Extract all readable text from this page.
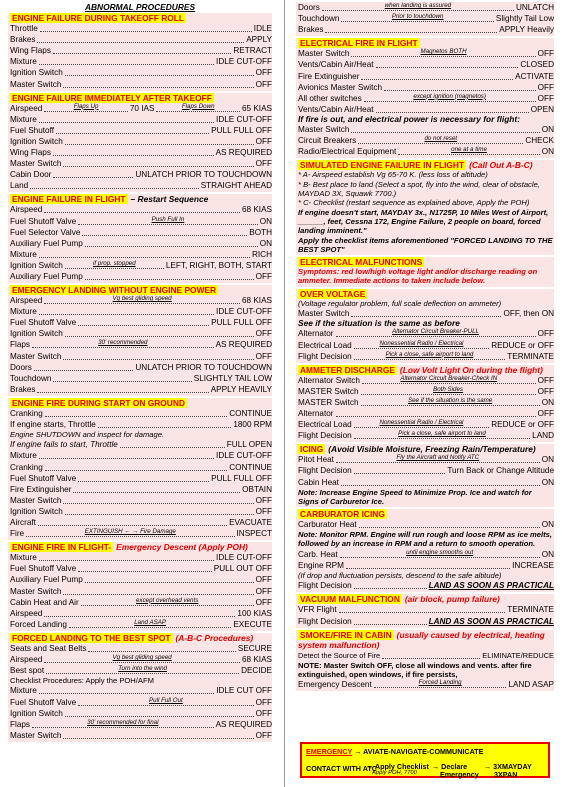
ABNORMAL PROCEDURES
ENGINE FAILURE DURING TAKEOFF ROLL
Throttle	IDLE
Brakes	APPLY
Wing Flaps	RETRACT
Mixture	IDLE CUT-OFF
Ignition Switch	OFF
Master Switch	OFF
ENGINE FAILURE IMMEDIATELY AFTER TAKEOFF
Airspeed	Flaps Up	70 IAS	Flaps Down	65 KIAS
Mixture	IDLE CUT-OFF
Fuel Shutoff	PULL FULL OFF
Ignition Switch	OFF
Wing Flaps	AS REQUIRED
Master Switch	OFF
Cabin Door	UNLATCH PRIOR TO TOUCHDOWN
Land	STRAIGHT AHEAD
ENGINE FAILURE IN FLIGHT – Restart Sequence
Airspeed	68 KIAS
Fuel Shutoff Valve	Push Full In	ON
Fuel Selector Valve	BOTH
Auxiliary Fuel Pump	ON
Mixture	RICH
Ignition Switch	if prop. stopped	LEFT, RIGHT, BOTH, START
Auxiliary Fuel Pump	OFF
EMERGENCY LANDING WITHOUT ENGINE POWER
Airspeed	Vg best gliding speed	68 KIAS
Mixture	IDLE CUT-OFF
Fuel Shutoff Valve	PULL FULL OFF
Ignition Switch	OFF
Flaps	30' recommended	AS REQUIRED
Master Switch	OFF
Doors	UNLATCH PRIOR TO TOUCHDOWN
Touchdown	SLIGHTLY TAIL LOW
Brakes	APPLY HEAVILY
ENGINE FIRE DURING START ON GROUND
Cranking	CONTINUE
If engine starts, Throttle	1800 RPM
Engine SHUTDOWN and inspect for damage.
If engine fails to start, Throttle	FULL OPEN
Mixture	IDLE CUT-OFF
Cranking	CONTINUE
Fuel Shutoff Valve	PULL FULL OFF
Fire Extinguisher	OBTAIN
Master Switch	OFF
Ignition Switch	OFF
Aircraft	EVACUATE
Fire	EXTINGUISH ← → Fire Damage	INSPECT
ENGINE FIRE IN FLIGHT- Emergency Descent (Apply POH)
Mixture	IDLE CUT-OFF
Fuel Shutoff Valve	PULL OUT OFF
Auxiliary Fuel Pump	OFF
Master Switch	OFF
Cabin Heat and Air	except overhead vents	OFF
Airspeed	100 KIAS
Forced Landing	Land ASAP	EXECUTE
FORCED LANDING TO THE BEST SPOT (A-B-C Procedures)
Seats and Seat Belts	SECURE
Airspeed	Vg best gliding speed	68 KIAS
Best spot	Turn into the wind	DECIDE
Checklist Procedures: Apply the POH/AFM
Mixture	IDLE CUT OFF
Fuel Shutoff Valve	Pull Full Out	OFF
Ignition Switch	OFF
Flaps	30' recommended for final	AS REQUIRED
Master Switch	OFF
Doors	when landing is assured	UNLATCH
Touchdown	Prior to touchdown	Slightly Tail Low
Brakes	APPLY Heavily
ELECTRICAL FIRE IN FLIGHT
Master Switch	Magnetos BOTH	OFF
Vents/Cabin Air/Heat	CLOSED
Fire Extinguisher	ACTIVATE
Avionics Master Switch	OFF
All other switches	except ignition (magnetos)	OFF
Vents/Cabin Air/Heat	OPEN
If fire is out, and electrical power is necessary for flight:
Master Switch	ON
Circuit Breakers	do not reset	CHECK
Radio/Electrical Equipment	one at a time	ON
SIMULATED ENGINE FAILURE IN FLIGHT (Call Out A-B-C)
* A- Airspeed establish Vg 65-70 K. (less loss of altitude)
* B- Best place to land (Select a spot, fly into the wind, clear of obstacle, MAYDAD 3X, Squawk 7700.)
* C- Checklist (restart sequence as explained above, Apply the POH)
If engine doesn't start, MAYDAY 3x., N1725P, 10 Miles West of Airport, ______, feet, Cessna 172, Engine Failure, 2 people on board, forced landing imminent."
Apply the checklist items aforementioned "FORCED LANDING TO THE BEST SPOT"
ELECTRICAL MALFUNCTIONS
Symptoms: red low/high voltage light and/or discharge reading on ammeter. Immediate actions to taken include below.
OVER VOLTAGE
(Voltage regulator problem, full scale deflection on ammeter)
Master Switch	OFF, then ON
See if the situation is the same as before
Alternator	Alternator Circuit Breaker-PULL	OFF
Electrical Load	Nonessential Radio / Electrical	REDUCE or OFF
Flight Decision	Pick a close, safe airport to land	TERMINATE
AMMETER DISCHARGE (Low Volt Light On during the flight)
Alternator Switch	Alternator Circuit Breaker-Check IN	OFF
MASTER Switch	Both Sides	OFF
MASTER Switch	See if the situation is the same	ON
Alternator	OFF
Electrical Load	Nonessential Radio / Electrical	REDUCE or OFF
Flight Decision	Pick a close, safe airport to land	LAND
ICING (Avoid Visible Moisture, Freezing Rain/Temperature)
Pitot Heat	Fly the Aircraft and Notify ATC	ON
Flight Decision	Turn Back or Change Altitude
Cabin Heat	ON
Note: Increase Engine Speed to Minimize Prop. Ice and watch for Signs of Carburetor Ice.
CARBURATOR ICING
Carburator Heat	ON
Note: Monitor RPM. Engine will run rough and loose RPM as ice melts, followed by an increase in RPM and a return to smooth operation.
Carb. Heat	until engine smooths out	ON
Engine RPM	INCREASE
(If drop and fluctuation persists, descend to the safe altitude)
Flight Decision	LAND AS SOON AS PRACTICAL
VACUUM MALFUNCTION (air block, pump failure)
VFR Flight	TERMINATE
Flight Decision	LAND AS SOON AS PRACTICAL
SMOKE/FIRE IN CABIN (usually caused by electrical, heating system malfunction)
Detect the Source of Fire	ELIMINATE/REDUCE
NOTE: Master Switch OFF, close all windows and vents. after fire extinguished, open windows, if fire persists,
Emergency Descent	Forced Landing	LAND ASAP
EMERGENCY → AVIATE-NAVIGATE-COMMUNICATE
CONTACT WITH ATC
→ Apply Checklist
Apply POH, 7700
→ Declare
Emergency
→ 3XMAYDAY
3XPAN
